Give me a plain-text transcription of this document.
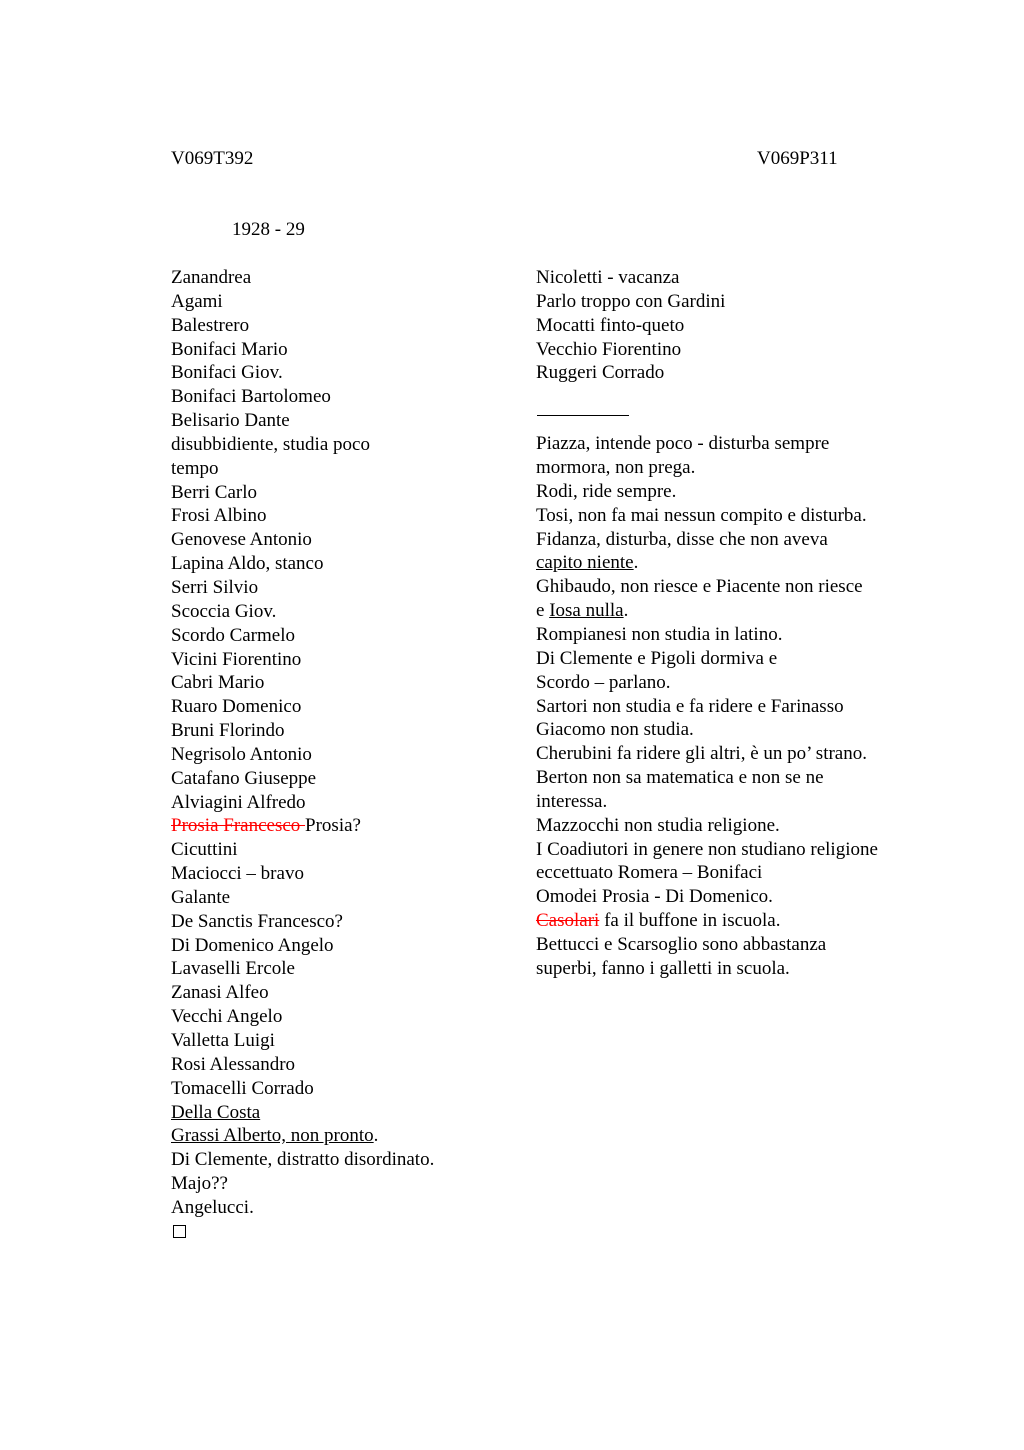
V069T392	V069P311
1928 - 29
Zanandrea
Agami
Balestrero
Bonifaci Mario
Bonifaci Giov.
Bonifaci Bartolomeo
Belisario Dante
disubbidiente, studia poco
tempo
Berri Carlo
Frosi Albino
Genovese Antonio
Lapina Aldo, stanco
Serri Silvio
Scoccia Giov.
Scordo Carmelo
Vicini Fiorentino
Cabri Mario
Ruaro Domenico
Bruni Florindo
Negrisolo Antonio
Catafano Giuseppe
Alviagini Alfredo
Prosia Francesco Prosia?
Cicuttini
Maciocci – bravo
Galante
De Sanctis Francesco?
Di Domenico Angelo
Lavaselli Ercole
Zanasi Alfeo
Vecchi Angelo
Valletta Luigi
Rosi Alessandro
Tomacelli Corrado
Della Costa
Grassi Alberto, non pronto.
Di Clemente, distratto disordinato.
Majo??
Angelucci.
Nicoletti - vacanza
Parlo troppo con Gardini
Mocatti finto-queto
Vecchio Fiorentino
Ruggeri Corrado
Piazza, intende poco - disturba sempre
mormora, non prega.
Rodi, ride sempre.
Tosi, non fa mai nessun compito e disturba.
Fidanza, disturba, disse che non aveva
capito niente.
Ghibaudo, non riesce e Piacente non riesce
e Iosa nulla.
Rompianesi non studia in latino.
Di Clemente e Pigoli dormiva e
Scordo – parlano.
Sartori non studia e fa ridere e Farinasso
Giacomo non studia.
Cherubini fa ridere gli altri, è un po’ strano.
Berton non sa matematica e non se ne
interessa.
Mazzocchi non studia religione.
I Coadiutori in genere non studiano religione
eccettuato Romera – Bonifaci
Omodei Prosia - Di Domenico.
Casolari fa il buffone in iscuola.
Bettucci e Scarsoglio sono abbastanza
superbi, fanno i galletti in scuola.
